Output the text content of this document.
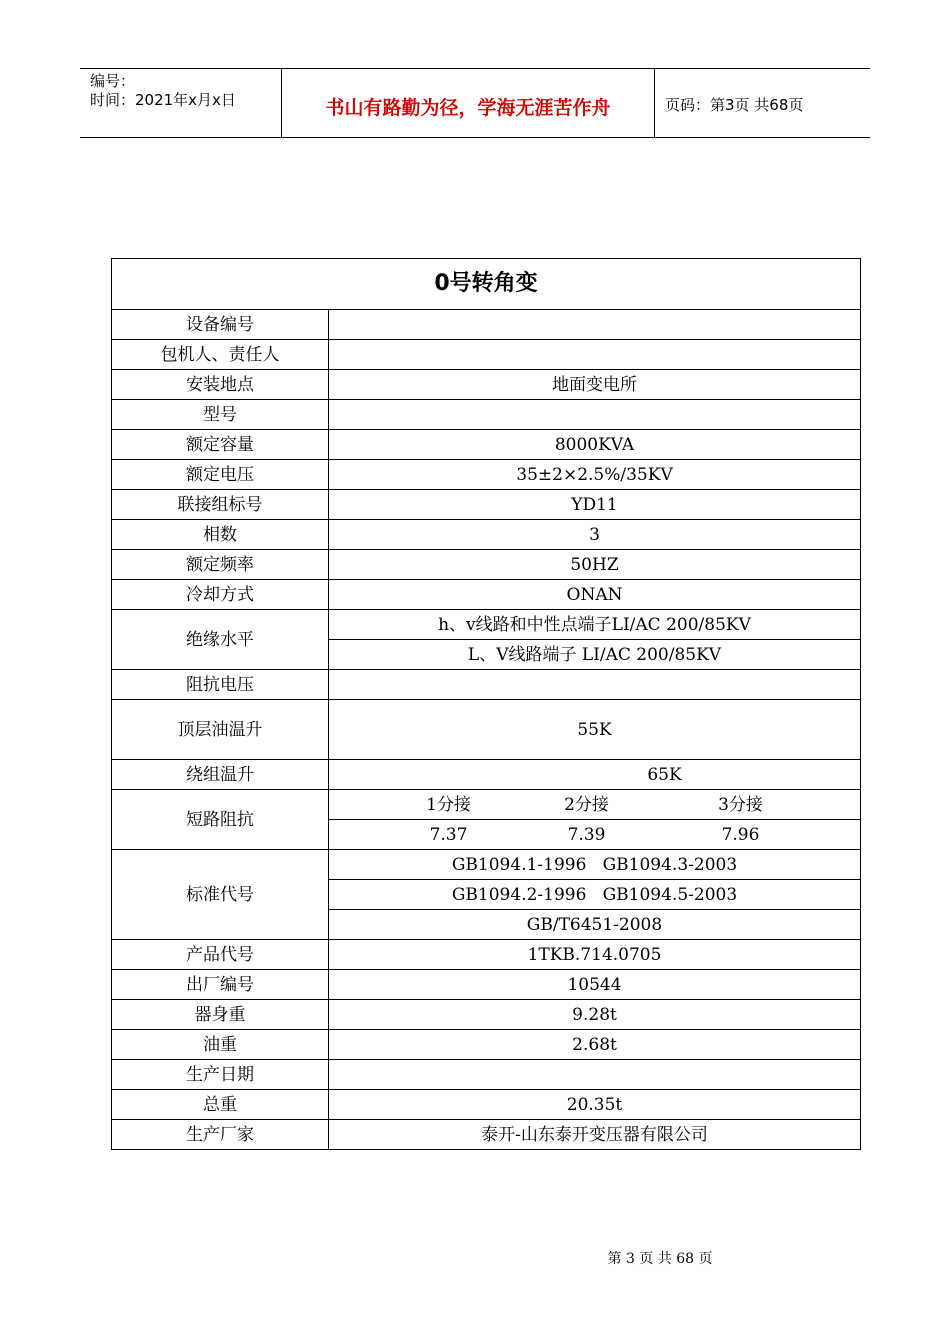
编号：
时间：2021年x月x日	书山有路勤为径，学海无涯苦作舟	页码：第3页 共68页
0号转角变	
设备编号	
包机人、责任人	
安装地点	地面变电所
型号	
额定容量	8000KVA
额定电压	35±2×2.5%/35KV
联接组标号	YD11
相数	3
额定频率	50HZ
冷却方式	ONAN
绝缘水平	h、v线路和中性点端子LI/AC 200/85KV
	L、V线路端子 LI/AC 200/85KV
阻抗电压	
顶层油温升	55K
绕组温升	65K
短路阻抗	1分接 2分接 3分接
	7.37 7.39 7.96
标准代号	GB1094.1-1996   GB1094.3-2003
	GB1094.2-1996   GB1094.5-2003
	GB/T6451-2008
产品代号	1TKB.714.0705
出厂编号	10544
器身重	9.28t
油重	2.68t
生产日期	
总重	20.35t
生产厂家	泰开-山东泰开变压器有限公司
第 3 页 共 68 页
